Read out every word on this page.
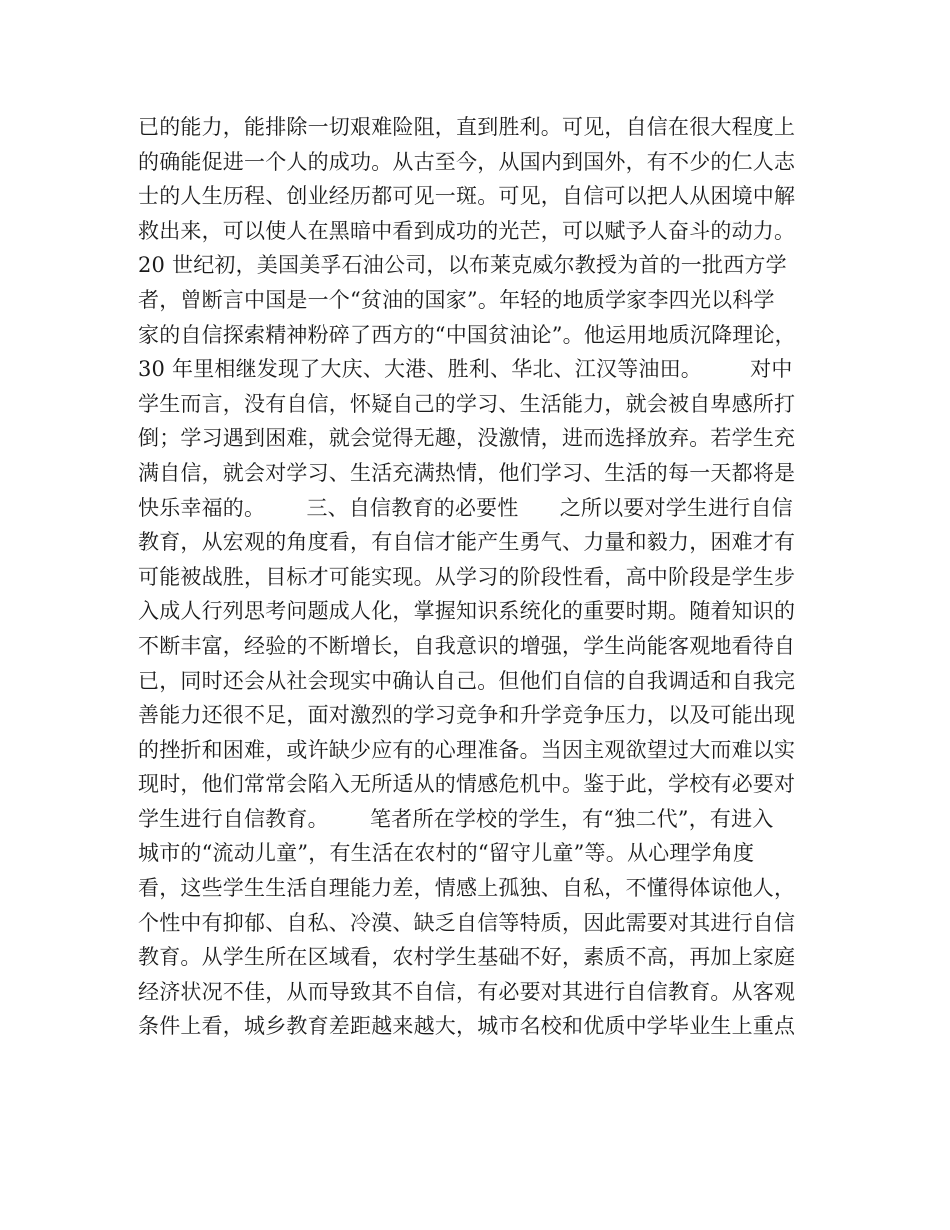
已的能力，能排除一切艰难险阻，直到胜利。可见，自信在很大程度上
的确能促进一个人的成功。从古至今，从国内到国外，有不少的仁人志
士的人生历程、创业经历都可见一斑。可见，自信可以把人从困境中解
救出来，可以使人在黑暗中看到成功的光芒，可以赋予人奋斗的动力。
20 世纪初，美国美孚石油公司，以布莱克威尔教授为首的一批西方学
者，曾断言中国是一个“贫油的国家”。年轻的地质学家李四光以科学
家的自信探索精神粉碎了西方的“中国贫油论”。他运用地质沉降理论，
30 年里相继发现了大庆、大港、胜利、华北、江汉等油田。       对中
学生而言，没有自信，怀疑自己的学习、生活能力，就会被自卑感所打
倒；学习遇到困难，就会觉得无趣，没激情，进而选择放弃。若学生充
满自信，就会对学习、生活充满热情，他们学习、生活的每一天都将是
快乐幸福的。      三、自信教育的必要性      之所以要对学生进行自信
教育，从宏观的角度看，有自信才能产生勇气、力量和毅力，困难才有
可能被战胜，目标才可能实现。从学习的阶段性看，高中阶段是学生步
入成人行列思考问题成人化，掌握知识系统化的重要时期。随着知识的
不断丰富，经验的不断增长，自我意识的增强，学生尚能客观地看待自
已，同时还会从社会现实中确认自己。但他们自信的自我调适和自我完
善能力还很不足，面对激烈的学习竞争和升学竞争压力，以及可能出现
的挫折和困难，或许缺少应有的心理准备。当因主观欲望过大而难以实
现时，他们常常会陷入无所适从的情感危机中。鉴于此，学校有必要对
学生进行自信教育。      笔者所在学校的学生，有“独二代”，有进入
城市的“流动儿童”，有生活在农村的“留守儿童”等。从心理学角度
看，这些学生生活自理能力差，情感上孤独、自私，不懂得体谅他人，
个性中有抑郁、自私、冷漠、缺乏自信等特质，因此需要对其进行自信
教育。从学生所在区域看，农村学生基础不好，素质不高，再加上家庭
经济状况不佳，从而导致其不自信，有必要对其进行自信教育。从客观
条件上看，城乡教育差距越来越大，城市名校和优质中学毕业生上重点
